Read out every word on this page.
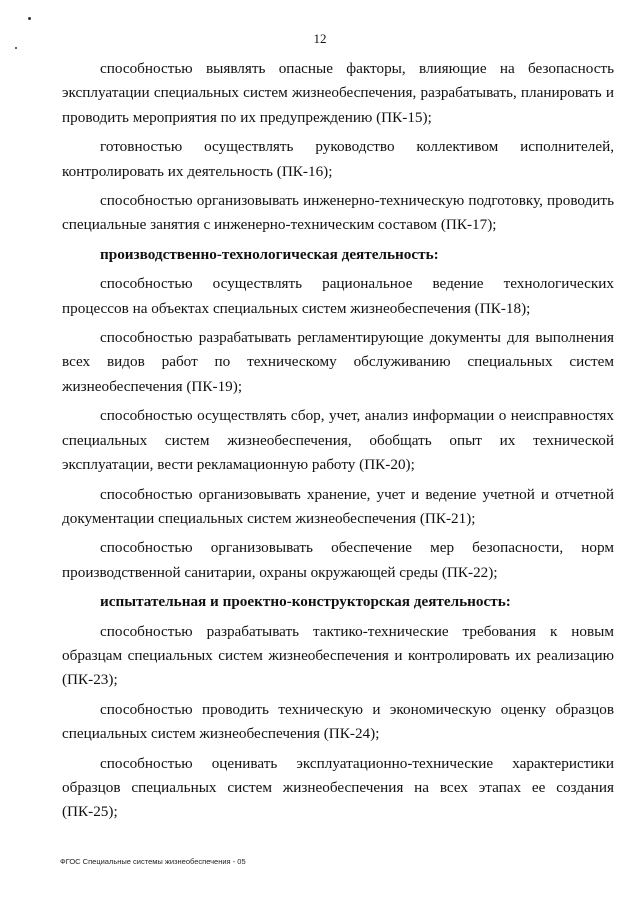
12

способностью выявлять опасные факторы, влияющие на безопасность эксплуатации специальных систем жизнеобеспечения, разрабатывать, планировать и проводить мероприятия по их предупреждению (ПК-15);

готовностью осуществлять руководство коллективом исполнителей, контролировать их деятельность (ПК-16);

способностью организовывать инженерно-техническую подготовку, проводить специальные занятия с инженерно-техническим составом (ПК-17);

производственно-технологическая деятельность:

способностью осуществлять рациональное ведение технологических процессов на объектах специальных систем жизнеобеспечения (ПК-18);

способностью разрабатывать регламентирующие документы для выполнения всех видов работ по техническому обслуживанию специальных систем жизнеобеспечения (ПК-19);

способностью осуществлять сбор, учет, анализ информации о неисправностях специальных систем жизнеобеспечения, обобщать опыт их технической эксплуатации, вести рекламационную работу (ПК-20);

способностью организовывать хранение, учет и ведение учетной и отчетной документации специальных систем жизнеобеспечения (ПК-21);

способностью организовывать обеспечение мер безопасности, норм производственной санитарии, охраны окружающей среды (ПК-22);

испытательная и проектно-конструкторская деятельность:

способностью разрабатывать тактико-технические требования к новым образцам специальных систем жизнеобеспечения и контролировать их реализацию (ПК-23);

способностью проводить техническую и экономическую оценку образцов специальных систем жизнеобеспечения (ПК-24);

способностью оценивать эксплуатационно-технические характеристики образцов специальных систем жизнеобеспечения на всех этапах ее создания (ПК-25);

ФГОС Специальные системы жизнеобеспечения - 05
